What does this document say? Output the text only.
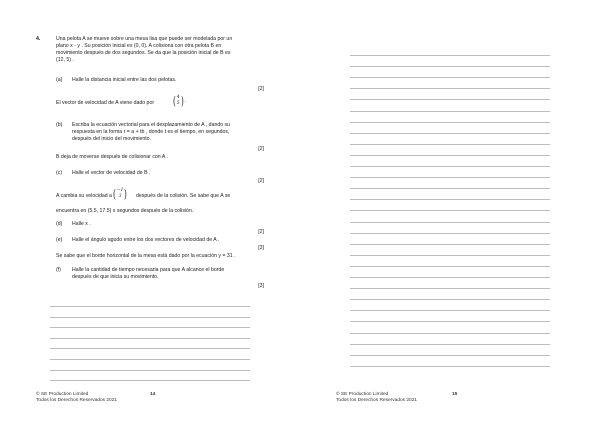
4.	Una pelota A se mueve sobre una mesa lisa que puede ser modelada por un
plano x - y . Su posición inicial es (0, 0). A colisiona con otra pelota B en
movimiento después de dos segundos. Se da que la posición inicial de B es
(12, 5) .
(a) Halle la distancia inicial entre las dos pelotas.
[2]
El vector de velocidad de A viene dado por ( 4
5 ) .
(b) Escriba la ecuación vectorial para el desplazamiento de A , dando su
respuesta en la forma r = a + tb , donde t es el tiempo, en segundos,
después del inicio del movimiento.
[2]
B deja de moverse después de colisionar con A .
(c) Halle el vector de velocidad de B .
[2]
A cambia su velocidad a ( −1
3 ) después de la colisión. Se sabe que A se
encuentra en (5.5, 17.5) x segundos después de la colisión.
(d) Halle x .
[2]
(e) Halle el ángulo agudo entre los dos vectores de velocidad de A .
[3]
Se sabe que el borde horizontal de la mesa está dado por la ecuación y = 31 .
(f) Halle la cantidad de tiempo necesaria para que A alcance el borde
después de que inicia su movimiento.
[3]
© SE Production Limited
Todos los Derechos Reservados 2021
14	© SE Production Limited
Todos los Derechos Reservados 2021
15
